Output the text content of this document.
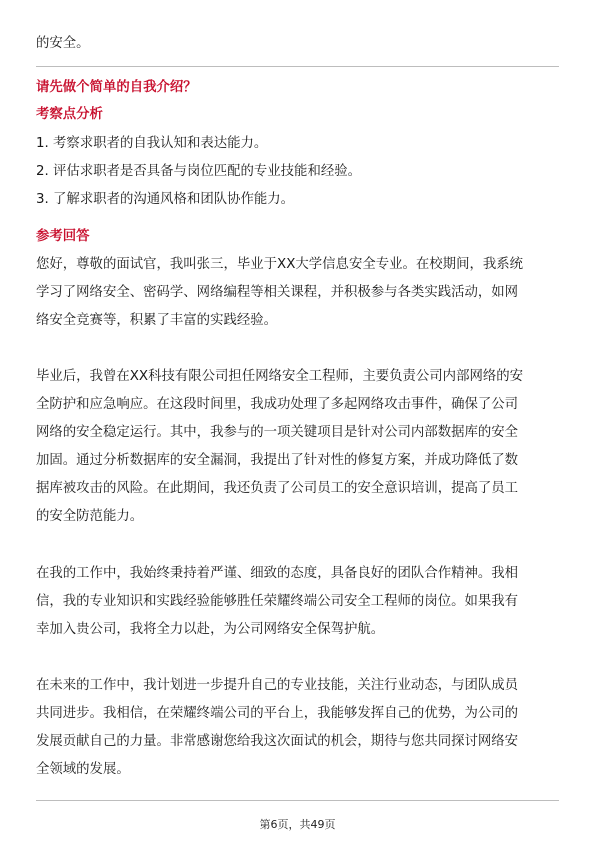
的安全。
请先做个简单的自我介绍？
考察点分析
1. 考察求职者的自我认知和表达能力。
2. 评估求职者是否具备与岗位匹配的专业技能和经验。
3. 了解求职者的沟通风格和团队协作能力。
参考回答
您好，尊敬的面试官，我叫张三，毕业于XX大学信息安全专业。在校期间，我系统
学习了网络安全、密码学、网络编程等相关课程，并积极参与各类实践活动，如网
络安全竞赛等，积累了丰富的实践经验。
毕业后，我曾在XX科技有限公司担任网络安全工程师，主要负责公司内部网络的安
全防护和应急响应。在这段时间里，我成功处理了多起网络攻击事件，确保了公司
网络的安全稳定运行。其中，我参与的一项关键项目是针对公司内部数据库的安全
加固。通过分析数据库的安全漏洞，我提出了针对性的修复方案，并成功降低了数
据库被攻击的风险。在此期间，我还负责了公司员工的安全意识培训，提高了员工
的安全防范能力。
在我的工作中，我始终秉持着严谨、细致的态度，具备良好的团队合作精神。我相
信，我的专业知识和实践经验能够胜任荣耀终端公司安全工程师的岗位。如果我有
幸加入贵公司，我将全力以赴，为公司网络安全保驾护航。
在未来的工作中，我计划进一步提升自己的专业技能，关注行业动态，与团队成员
共同进步。我相信，在荣耀终端公司的平台上，我能够发挥自己的优势，为公司的
发展贡献自己的力量。非常感谢您给我这次面试的机会，期待与您共同探讨网络安
全领域的发展。
第6页，共49页
